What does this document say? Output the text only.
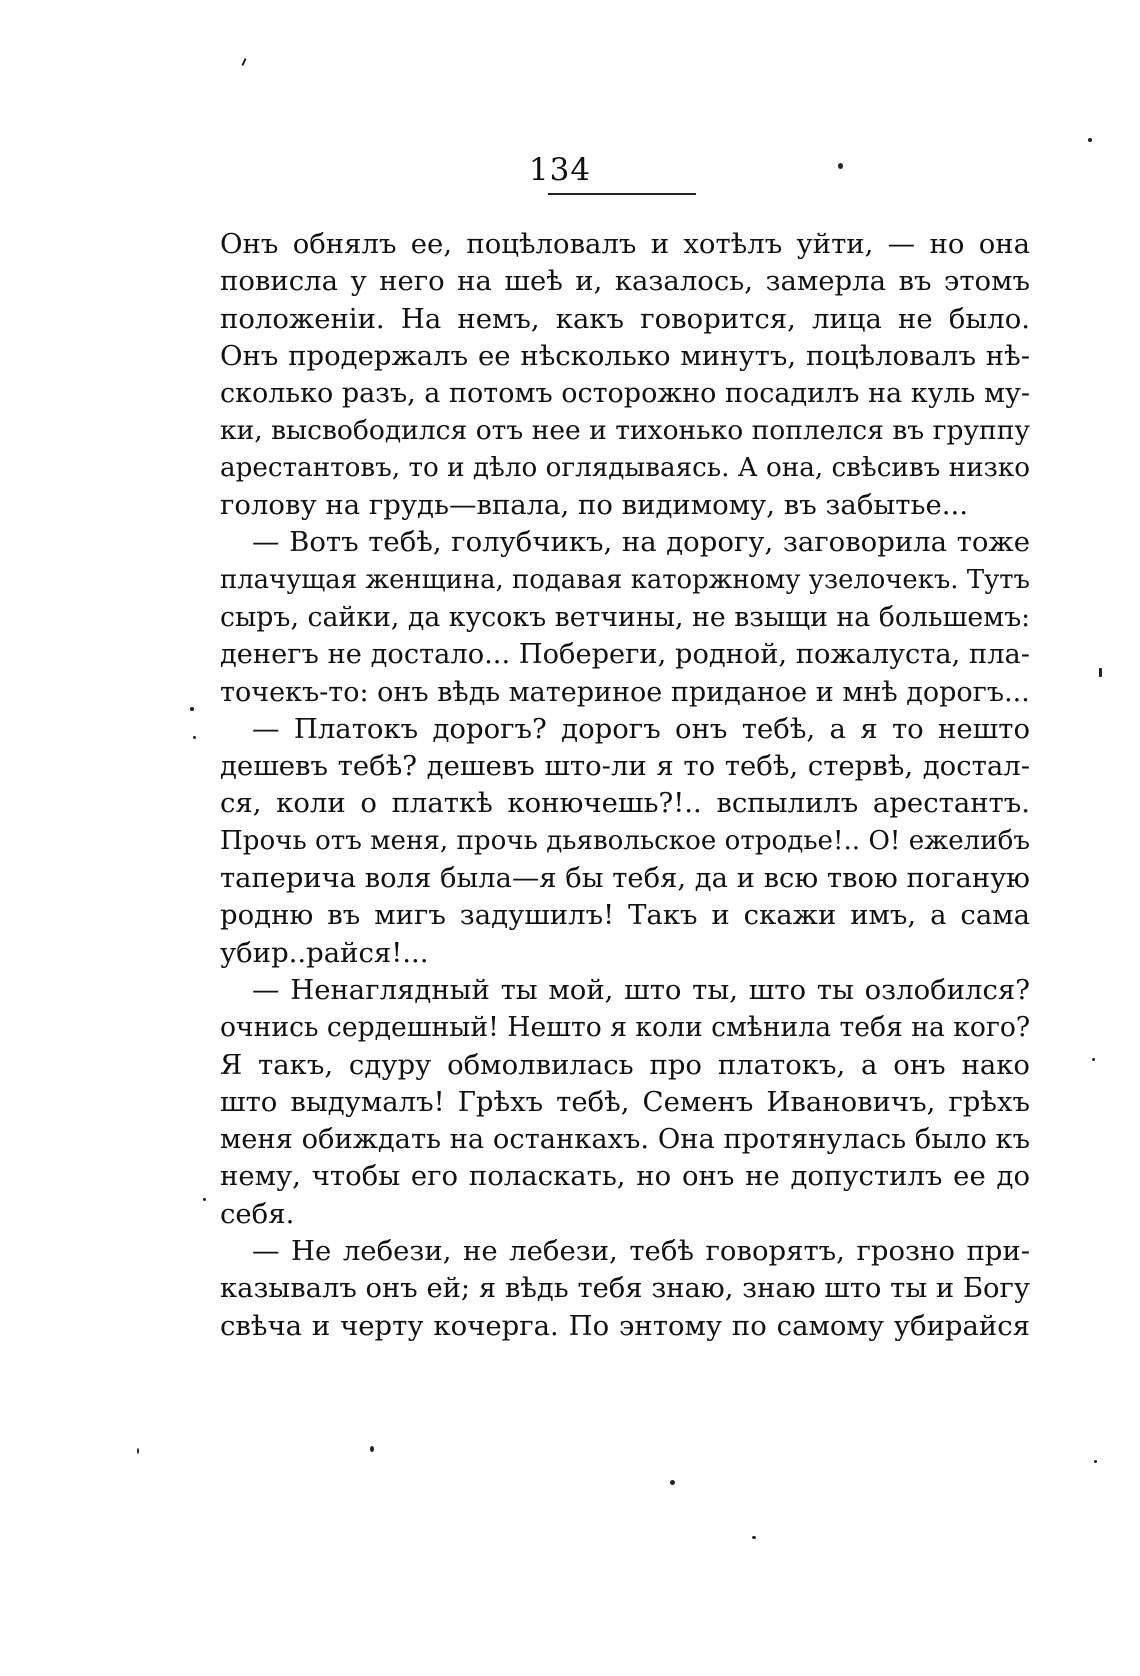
134
Онъ обнялъ ее, поцѣловалъ и хотѣлъ уйти, — но она
повисла у него на шеѣ и, казалось, замерла въ этомъ
положенiи. На немъ, какъ говорится, лица не было.
Онъ продержалъ ее нѣсколько минутъ, поцѣловалъ нѣ-
сколько разъ, а потомъ осторожно посадилъ на куль му-
ки, высвободился отъ нее и тихонько поплелся въ группу
арестантовъ, то и дѣло оглядываясь. А она, свѣсивъ низко
голову на грудь—впала, по видимому, въ забытье...
— Вотъ тебѣ, голубчикъ, на дорогу, заговорила тоже
плачущая женщина, подавая каторжному узелочекъ. Тутъ
сыръ, сайки, да кусокъ ветчины, не взыщи на большемъ:
денегъ не достало... Побереги, родной, пожалуста, пла-
точекъ-то: онъ вѣдь материное приданое и мнѣ дорогъ...
— Платокъ дорогъ? дорогъ онъ тебѣ, а я то нешто
дешевъ тебѣ? дешевъ што-ли я то тебѣ, стервѣ, достал-
ся, коли о платкѣ конючешь?!.. вспылилъ арестантъ.
Прочь отъ меня, прочь дьявольское отродье!.. О! ежелибъ
таперича воля была—я бы тебя, да и всю твою поганую
родню въ мигъ задушилъ! Такъ и скажи имъ, а сама
убир..райся!...
— Ненаглядный ты мой, што ты, што ты озлобился?
очнись сердешный! Нешто я коли смѣнила тебя на кого?
Я такъ, сдуру обмолвилась про платокъ, а онъ нако
што выдумалъ! Грѣхъ тебѣ, Семенъ Ивановичъ, грѣхъ
меня обиждать на останкахъ. Она протянулась было къ
нему, чтобы его поласкать, но онъ не допустилъ ее до
себя.
— Не лебези, не лебези, тебѣ говорятъ, грозно при-
казывалъ онъ ей; я вѣдь тебя знаю, знаю што ты и Богу
свѣча и черту кочерга. По энтому по самому убирайся
